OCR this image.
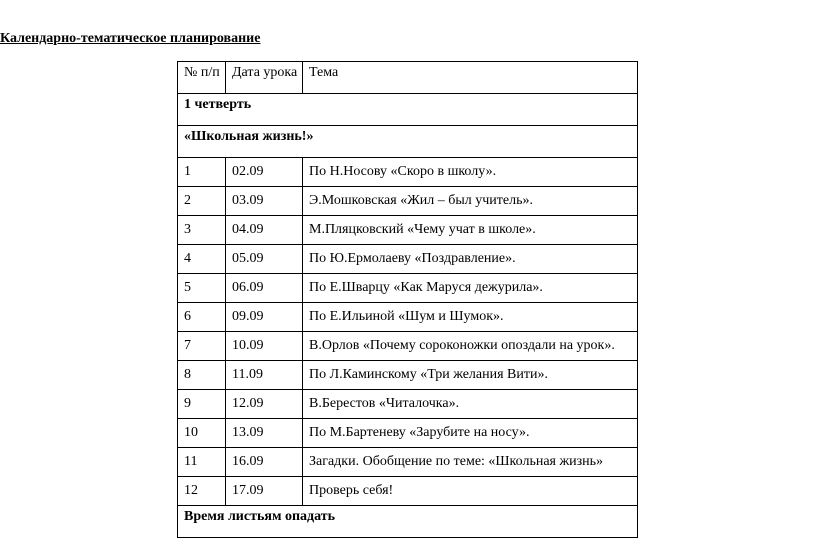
Календарно-тематическое планирование
№ п/п	Дата урока	Тема
1 четверть		
«Школьная жизнь!»		
1	02.09	По Н.Носову «Скоро в школу».
2	03.09	Э.Мошковская «Жил – был учитель».
3	04.09	М.Пляцковский «Чему учат в школе».
4	05.09	По Ю.Ермолаеву «Поздравление».
5	06.09	По Е.Шварцу «Как Маруся дежурила».
6	09.09	По Е.Ильиной «Шум и Шумок».
7	10.09	В.Орлов «Почему сороконожки опоздали на урок».
8	11.09	По Л.Каминскому «Три желания Вити».
9	12.09	В.Берестов «Читалочка».
10	13.09	По М.Бартеневу «Зарубите на носу».
11	16.09	Загадки. Обобщение по теме: «Школьная жизнь»
12	17.09	Проверь себя!
Время листьям опадать		
